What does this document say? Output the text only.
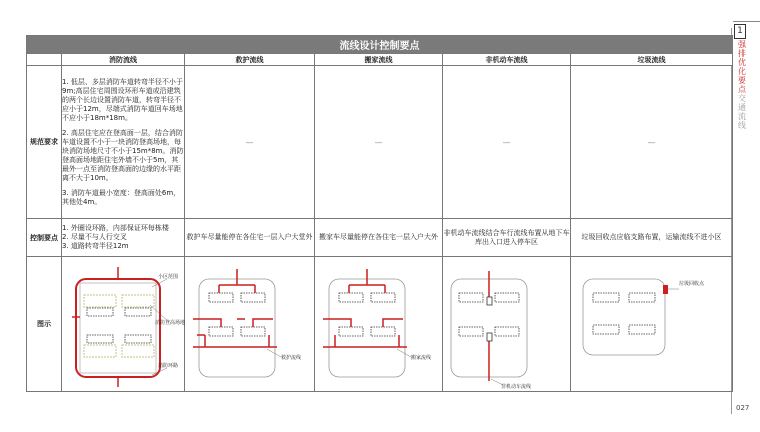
1
强排优化要点交通流线
027
流线设计控制要点					
	消防流线	救护流线	搬家流线	非机动车流线	垃圾流线
规范要求	1. 低层、多层消防车道转弯半径不小于9m;高层住宅周围设环形车道或沿建筑的两个长边设置消防车道，转弯半径不应小于12m，尽端式消防车道回车场地不应小于18m*18m。

2. 高层住宅应在登高面一层，结合消防车道设置不小于一块消防登高场地，每块消防场地尺寸不小于15m*8m。消防登高面场地距住宅外墙不小于5m，其最外一点至消防登高面的边缘的水平距离不大于10m。

3. 消防车道最小宽度：登高面处6m，其他处4m。	—	—	—	—
控制要点	1. 外圈设环路，内部保证环每栋楼
2. 尽量不与人行交叉
3. 道路转弯半径12m	救护车尽量能停在各住宅一层入户大堂外	搬家车尽量能停在各住宅一层入户大外	非机动车流线结合车行流线布置从地下车库出入口进入停车区	垃圾回收点应临支路布置，运输流线不进小区
图示	小区范围
消防登高场地
消防环路	救护流线	搬家流线	非机动车流线	垃圾回收点
